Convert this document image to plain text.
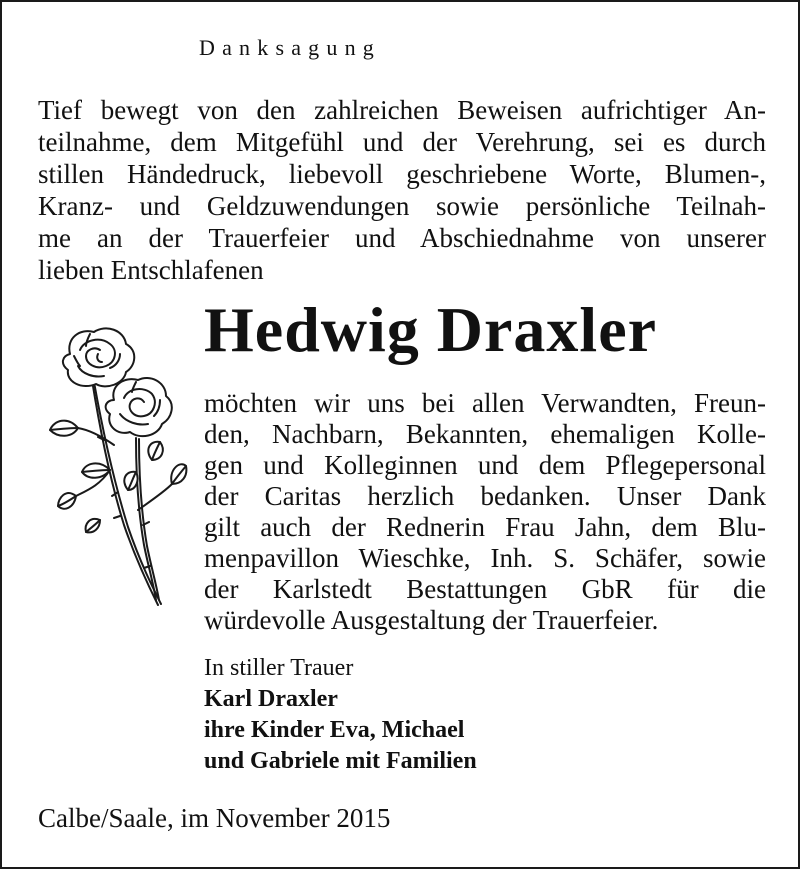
Danksagung
Tief bewegt von den zahlreichen Beweisen aufrichtiger An-
teilnahme, dem Mitgefühl und der Verehrung, sei es durch
stillen Händedruck, liebevoll geschriebene Worte, Blumen-,
Kranz- und Geldzuwendungen sowie persönliche Teilnah-
me an der Trauerfeier und Abschiednahme von unserer
lieben Entschlafenen
Hedwig Draxler
möchten wir uns bei allen Verwandten, Freun-
den, Nachbarn, Bekannten, ehemaligen Kolle-
gen und Kolleginnen und dem Pflegepersonal
der Caritas herzlich bedanken. Unser Dank
gilt auch der Rednerin Frau Jahn, dem Blu-
menpavillon Wieschke, Inh. S. Schäfer, sowie
der Karlstedt Bestattungen GbR für die
würdevolle Ausgestaltung der Trauerfeier.
In stiller Trauer
Karl Draxler
ihre Kinder Eva, Michael
und Gabriele mit Familien
Calbe/Saale, im November 2015
